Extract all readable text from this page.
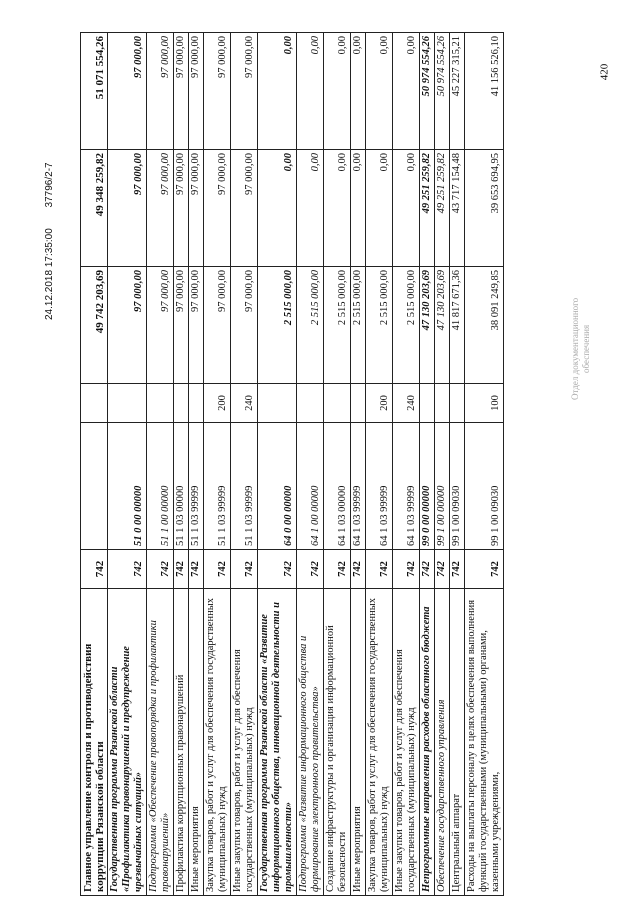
420
Отдел документационного обеспечения
Главное управление контроля и противодействия коррупции Рязанской области	742			49 742 203,69	49 348 259,82	51 071 554,26
Государственная программа Рязанской области «Профилактика правонарушений и предупреждение чрезвычайных ситуаций»	742	51 0 00 00000		97 000,00	97 000,00	97 000,00
Подпрограмма «Обеспечение правопорядка и профилактики правонарушений»	742	51 1 00 00000		97 000,00	97 000,00	97 000,00
Профилактика коррупционных правонарушений	742	51 1 03 00000		97 000,00	97 000,00	97 000,00
Иные мероприятия	742	51 1 03 99999		97 000,00	97 000,00	97 000,00
Закупка товаров, работ и услуг для обеспечения государственных (муниципальных) нужд	742	51 1 03 99999	200	97 000,00	97 000,00	97 000,00
Иные закупки товаров, работ и услуг для обеспечения государственных (муниципальных) нужд	742	51 1 03 99999	240	97 000,00	97 000,00	97 000,00
Государственная программа Рязанской области «Развитие информационного общества, инновационной деятельности и промышленности»	742	64 0 00 00000		2 515 000,00	0,00	0,00
Подпрограмма «Развитие информационного общества и формирование электронного правительства»	742	64 1 00 00000		2 515 000,00	0,00	0,00
Создание инфраструктуры и организация информационной безопасности	742	64 1 03 00000		2 515 000,00	0,00	0,00
Иные мероприятия	742	64 1 03 99999		2 515 000,00	0,00	0,00
Закупка товаров, работ и услуг для обеспечения государственных (муниципальных) нужд	742	64 1 03 99999	200	2 515 000,00	0,00	0,00
Иные закупки товаров, работ и услуг для обеспечения государственных (муниципальных) нужд	742	64 1 03 99999	240	2 515 000,00	0,00	0,00
Непрограммные направления расходов областного бюджета	742	99 0 00 00000		47 130 203,69	49 251 259,82	50 974 554,26
Обеспечение государственного управления	742	99 1 00 00000		47 130 203,69	49 251 259,82	50 974 554,26
Центральный аппарат	742	99 1 00 09030		41 817 671,36	43 717 154,48	45 227 315,21
Расходы на выплаты персоналу в целях обеспечения выполнения функций государственными (муниципальными) органами, казенными учреждениями,	742	99 1 00 09030	100	38 091 249,85	39 653 694,95	41 156 526,10
24.12.2018 17:35:00 37796/2-7
